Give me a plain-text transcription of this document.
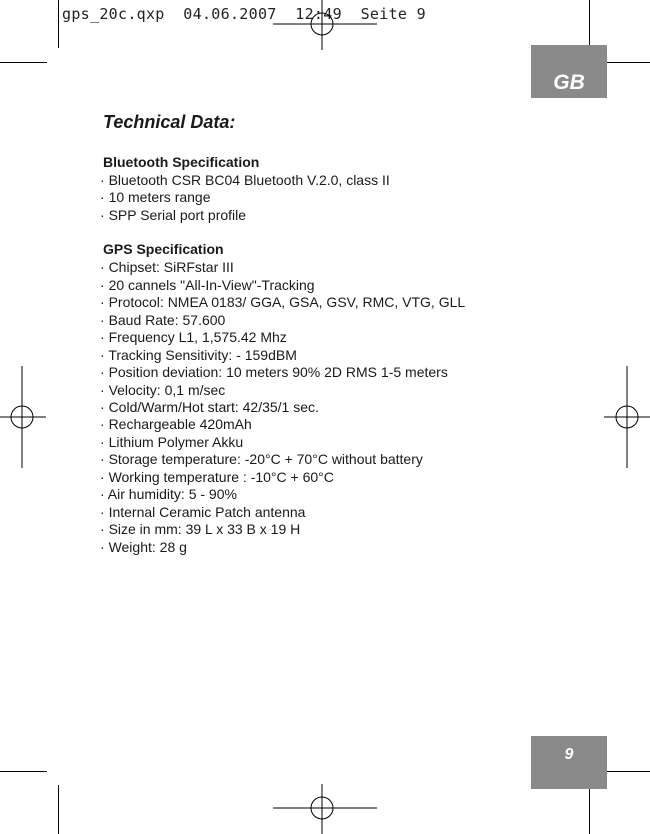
gps_20c.qxp  04.06.2007  12:49  Seite 9
GB
9
Technical Data:
Bluetooth Specification
· Bluetooth CSR BC04 Bluetooth V.2.0, class II
· 10 meters range
· SPP Serial port profile
GPS Specification
· Chipset: SiRFstar III
· 20 cannels "All-In-View"-Tracking
· Protocol: NMEA 0183/ GGA, GSA, GSV, RMC, VTG, GLL
· Baud Rate: 57.600
· Frequency L1, 1,575.42 Mhz
· Tracking Sensitivity: - 159dBM
· Position deviation: 10 meters 90% 2D RMS 1-5 meters
· Velocity: 0,1 m/sec
· Cold/Warm/Hot start: 42/35/1 sec.
· Rechargeable 420mAh
· Lithium Polymer Akku
· Storage temperature: -20°C + 70°C without battery
· Working temperature : -10°C + 60°C
· Air humidity: 5 - 90%
· Internal Ceramic Patch antenna
· Size in mm: 39 L x 33 B x 19 H
· Weight: 28 g
